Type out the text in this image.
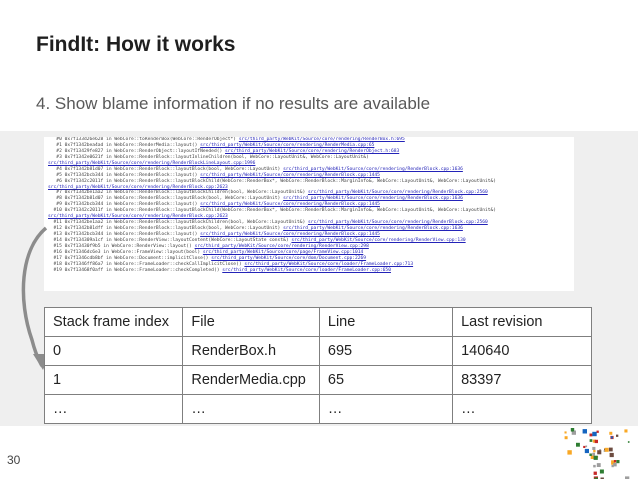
FindIt: How it works
4. Show blame information if no results are available
#0 0x7f133d26e628 in WebCore::toRenderBox(WebCore::RenderObject*) src/third_party/WebKit/Source/core/rendering/RenderBox.h:695
#1 0x7f1342bea4ad in WebCore::RenderMedia::layout() src/third_party/WebKit/Source/core/rendering/RenderMedia.cpp:65
#2 0x7f13429fe827 in WebCore::RenderObject::layoutIfNeeded() src/third_party/WebKit/Source/core/rendering/RenderObject.h:683
#3 0x7f1342e0621f in WebCore::RenderBlock::layoutInlineChildren(bool, WebCore::LayoutUnit&, WebCore::LayoutUnit&)
src/third_party/WebKit/Source/core/rendering/RenderBlockLineLayout.cpp:1996
#4 0x7f1342b81d07 in WebCore::RenderBlock::layoutBlock(bool, WebCore::LayoutUnit) src/third_party/WebKit/Source/core/rendering/RenderBlock.cpp:1636
#5 0x7f1342bcb344 in WebCore::RenderBlock::layout() src/third_party/WebKit/Source/core/rendering/RenderBlock.cpp:1445
#6 0x7f1342c2011f in WebCore::RenderBlock::layoutBlockChild(WebCore::RenderBox*, WebCore::RenderBlock::MarginInfo&, WebCore::LayoutUnit&, WebCore::LayoutUnit&)
src/third_party/WebKit/Source/core/rendering/RenderBlock.cpp:2623
#7 0x7f1342be1aa2 in WebCore::RenderBlock::layoutBlockChildren(bool, WebCore::LayoutUnit&) src/third_party/WebKit/Source/core/rendering/RenderBlock.cpp:2560
#8 0x7f1342b81d07 in WebCore::RenderBlock::layoutBlock(bool, WebCore::LayoutUnit) src/third_party/WebKit/Source/core/rendering/RenderBlock.cpp:1636
#9 0x7f1342bcb344 in WebCore::RenderBlock::layout() src/third_party/WebKit/Source/core/rendering/RenderBlock.cpp:1445
#10 0x7f1342c2011f in WebCore::RenderBlock::layoutBlockChild(WebCore::RenderBox*, WebCore::RenderBlock::MarginInfo&, WebCore::LayoutUnit&, WebCore::LayoutUnit&)
src/third_party/WebKit/Source/core/rendering/RenderBlock.cpp:2623
#11 0x7f1342be1aa2 in WebCore::RenderBlock::layoutBlockChildren(bool, WebCore::LayoutUnit&) src/third_party/WebKit/Source/core/rendering/RenderBlock.cpp:2560
#12 0x7f1342b81dff in WebCore::RenderBlock::layoutBlock(bool, WebCore::LayoutUnit) src/third_party/WebKit/Source/core/rendering/RenderBlock.cpp:1636
#13 0x7f1342bcb344 in WebCore::RenderBlock::layout() src/third_party/WebKit/Source/core/rendering/RenderBlock.cpp:1445
#14 0x7f134309a1cf in WebCore::RenderView::layoutContent(WebCore::LayoutState const&) src/third_party/WebKit/Source/core/rendering/RenderView.cpp:130
#15 0x7f13430f9b5 in WebCore::RenderView::layout() src/third_party/WebKit/Source/core/rendering/RenderView.cpp:298
#16 0x7f1346dc6e3 in WebCore::FrameView::layout(bool) src/third_party/WebKit/Source/core/page/FrameView.cpp:1014
#17 0x7f1346cdb8bf in WebCore::Document::implicitClose() src/third_party/WebKit/Source/core/dom/Document.cpp:2269
#18 0x7f1346ff86a7 in WebCore::FrameLoader::checkCallImplicitClose() src/third_party/WebKit/Source/core/loader/FrameLoader.cpp:713
#19 0x7f13468f0aff in WebCore::FrameLoader::checkCompleted() src/third_party/WebKit/Source/core/loader/FrameLoader.cpp:650
Stack frame index	File	Line	Last revision
0	RenderBox.h	695	140640
1	RenderMedia.cpp	65	83397
…	…	…	…
30
